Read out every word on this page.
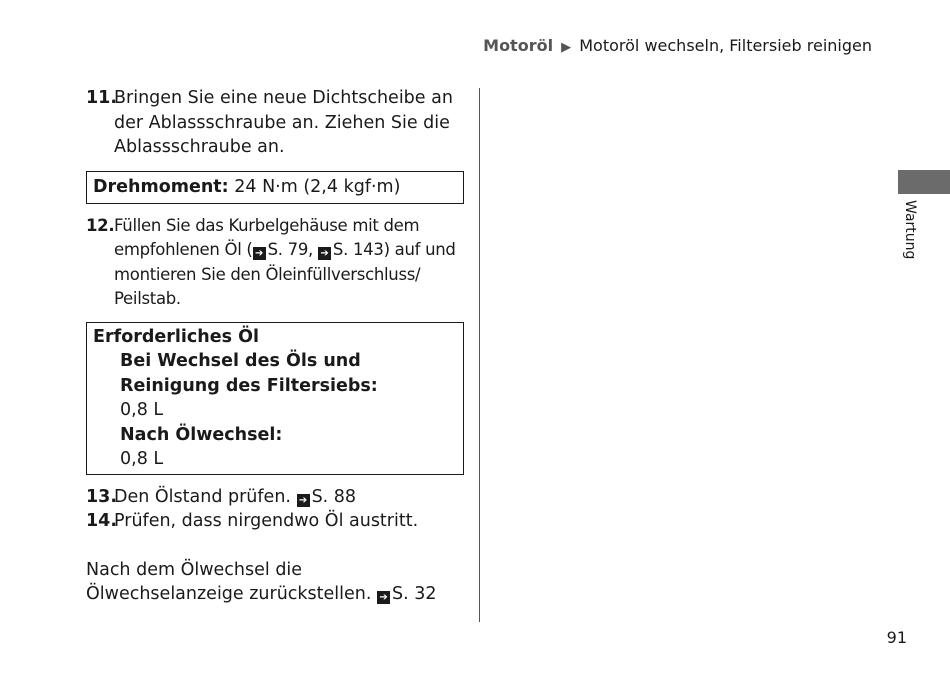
Motoröl ▶ Motoröl wechseln, Filtersieb reinigen
11.
Bringen Sie eine neue Dichtscheibe an der Ablassschraube an. Ziehen Sie die Ablassschraube an.
Drehmoment: 24 N·m (2,4 kgf·m)
12. Füllen Sie das Kurbelgehäuse mit dem empfohlenen Öl ( ➔ S. 79, ➔ S. 143) auf und montieren Sie den Öleinfüllverschluss/ Peilstab.
Erforderliches Öl
Bei Wechsel des Öls und Reinigung des Filtersiebs:
0,8 L
Nach Ölwechsel:
0,8 L
13.
Den Ölstand prüfen. ➔ S. 88
14.
Prüfen, dass nirgendwo Öl austritt.
Nach dem Ölwechsel die Ölwechselanzeige zurückstellen. ➔ S. 32
Wartung
91
